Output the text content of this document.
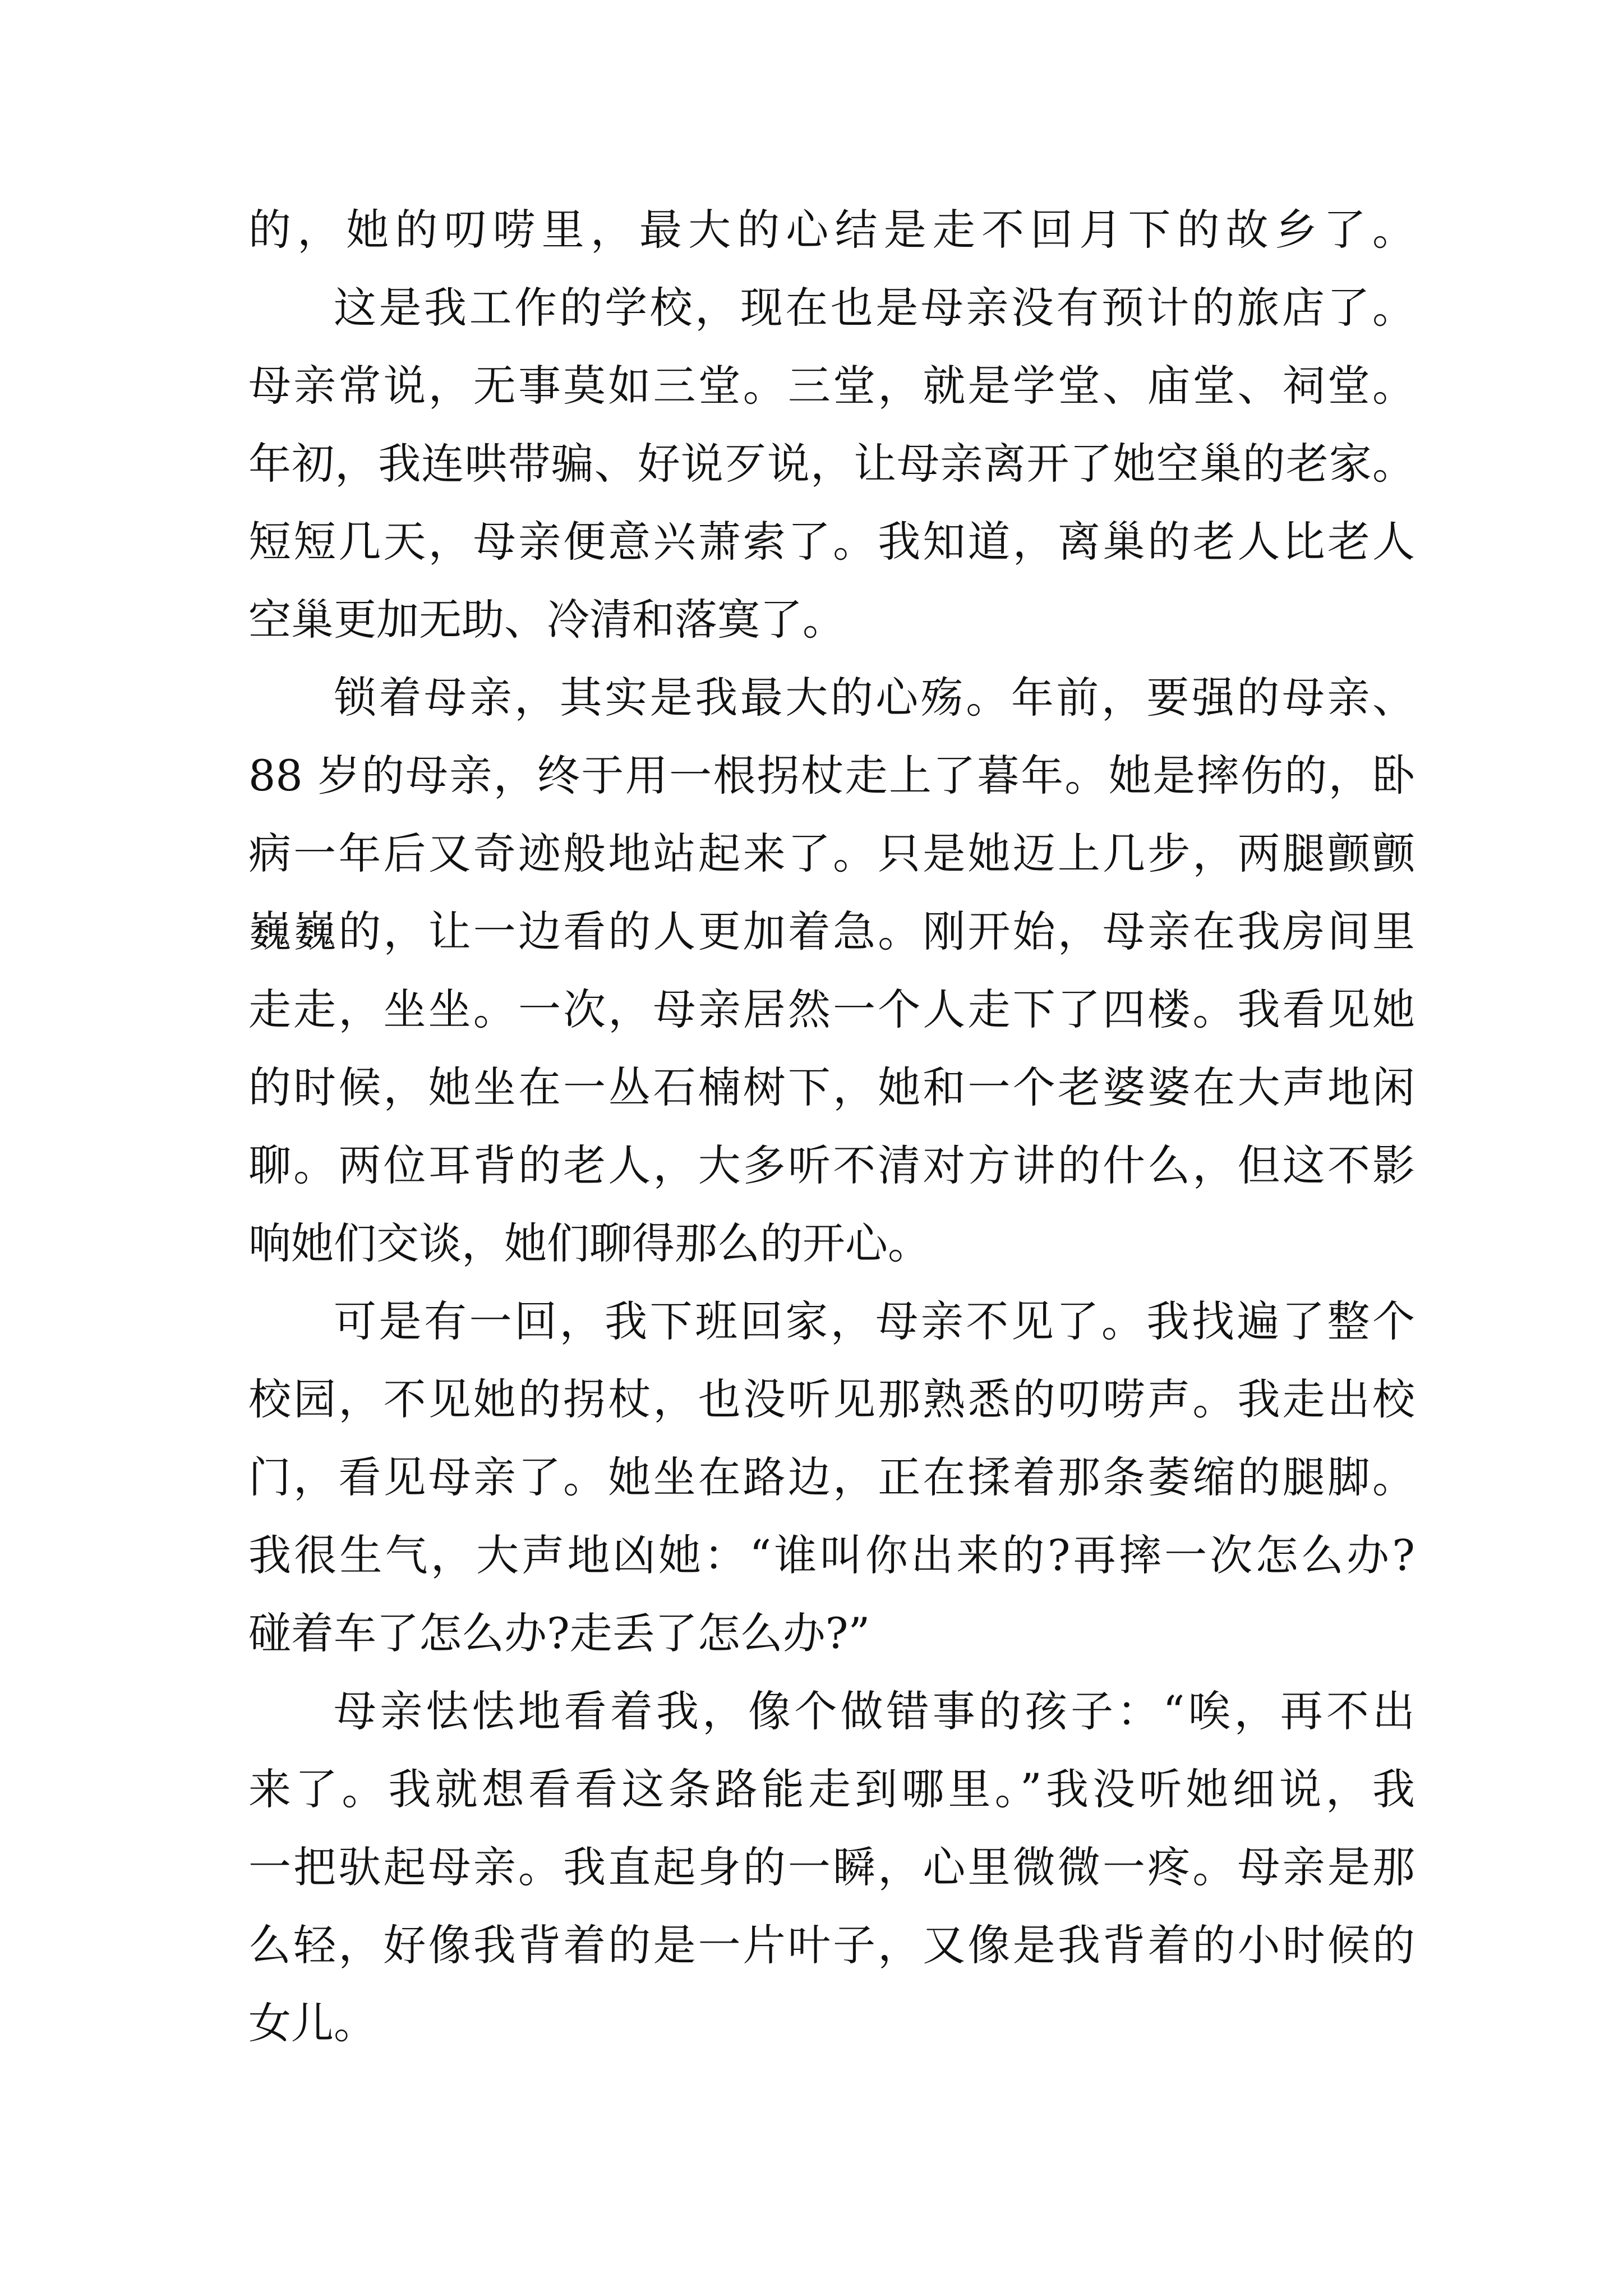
的，她的叨唠里，最大的心结是走不回月下的故乡了。
这是我工作的学校，现在也是母亲没有预计的旅店了。
母亲常说，无事莫如三堂。三堂，就是学堂、庙堂、祠堂。
年初，我连哄带骗、好说歹说，让母亲离开了她空巢的老家。
短短几天，母亲便意兴萧索了。我知道，离巢的老人比老人
空巢更加无助、冷清和落寞了。
锁着母亲，其实是我最大的心殇。年前，要强的母亲、
88 岁的母亲，终于用一根拐杖走上了暮年。她是摔伤的，卧
病一年后又奇迹般地站起来了。只是她迈上几步，两腿颤颤
巍巍的，让一边看的人更加着急。刚开始，母亲在我房间里
走走，坐坐。一次，母亲居然一个人走下了四楼。我看见她
的时候，她坐在一丛石楠树下，她和一个老婆婆在大声地闲
聊。两位耳背的老人，大多听不清对方讲的什么，但这不影
响她们交谈，她们聊得那么的开心。
可是有一回，我下班回家，母亲不见了。我找遍了整个
校园，不见她的拐杖，也没听见那熟悉的叨唠声。我走出校
门，看见母亲了。她坐在路边，正在揉着那条萎缩的腿脚。
我很生气，大声地凶她：“谁叫你出来的?再摔一次怎么办?
碰着车了怎么办?走丢了怎么办?”
母亲怯怯地看着我，像个做错事的孩子：“唉，再不出
来了。我就想看看这条路能走到哪里。”我没听她细说，我
一把驮起母亲。我直起身的一瞬，心里微微一疼。母亲是那
么轻，好像我背着的是一片叶子，又像是我背着的小时候的
女儿。
